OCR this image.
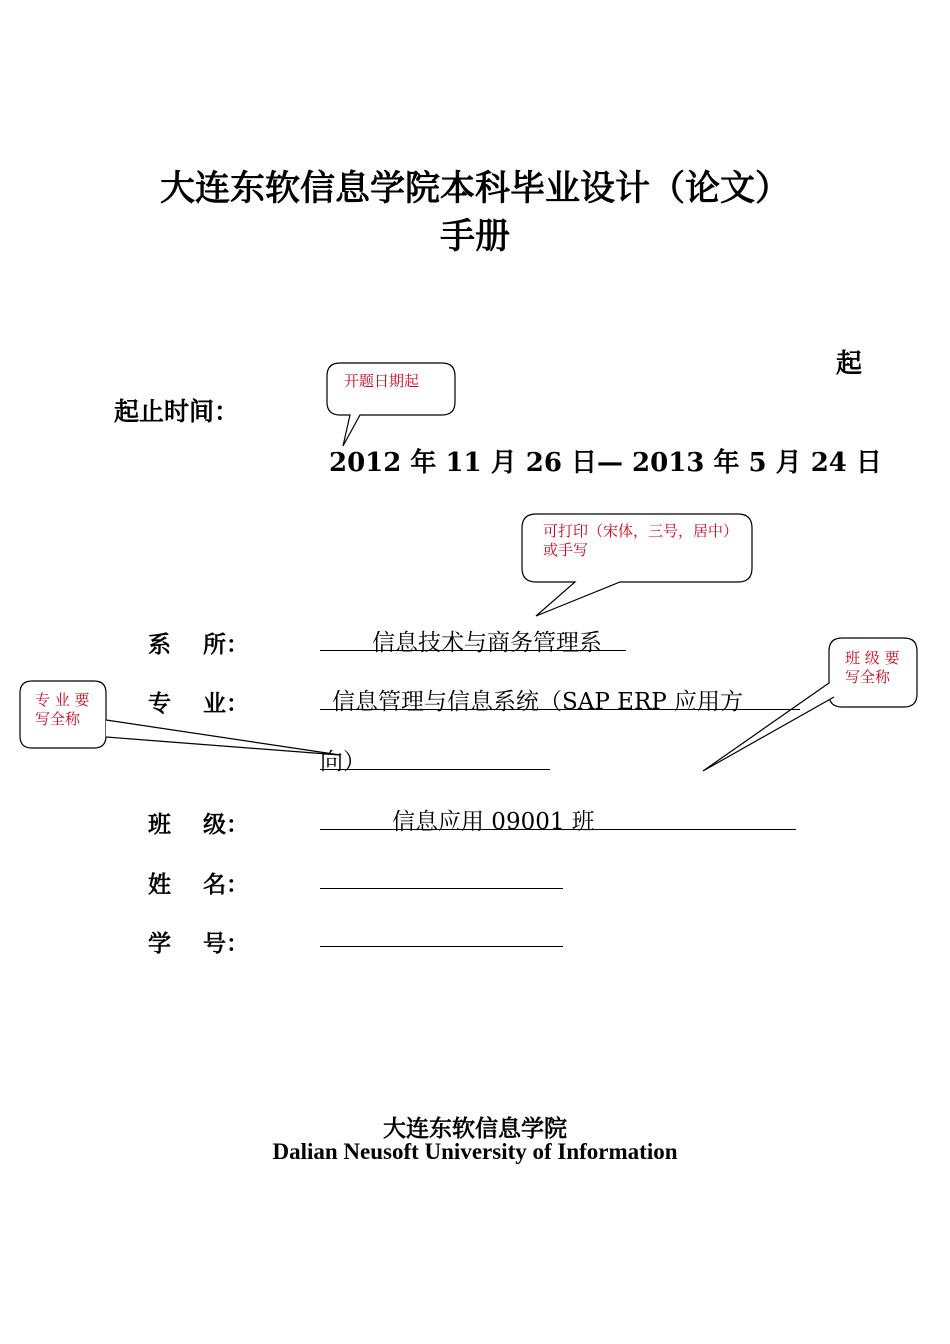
大连东软信息学院本科毕业设计（论文）
手册
起
起止时间：
2012 年 11 月 26 日— 2013 年 5 月 24 日
开题日期起
可打印（宋体，三号，居中）或手写
专 业 要写全称
班 级 要写全称
系    所：	信息技术与商务管理系
专    业：	信息管理与信息系统（SAP ERP 应用方
向）
班    级：	信息应用 09001 班
姓    名：
学    号：
大连东软信息学院
Dalian Neusoft University of Information
